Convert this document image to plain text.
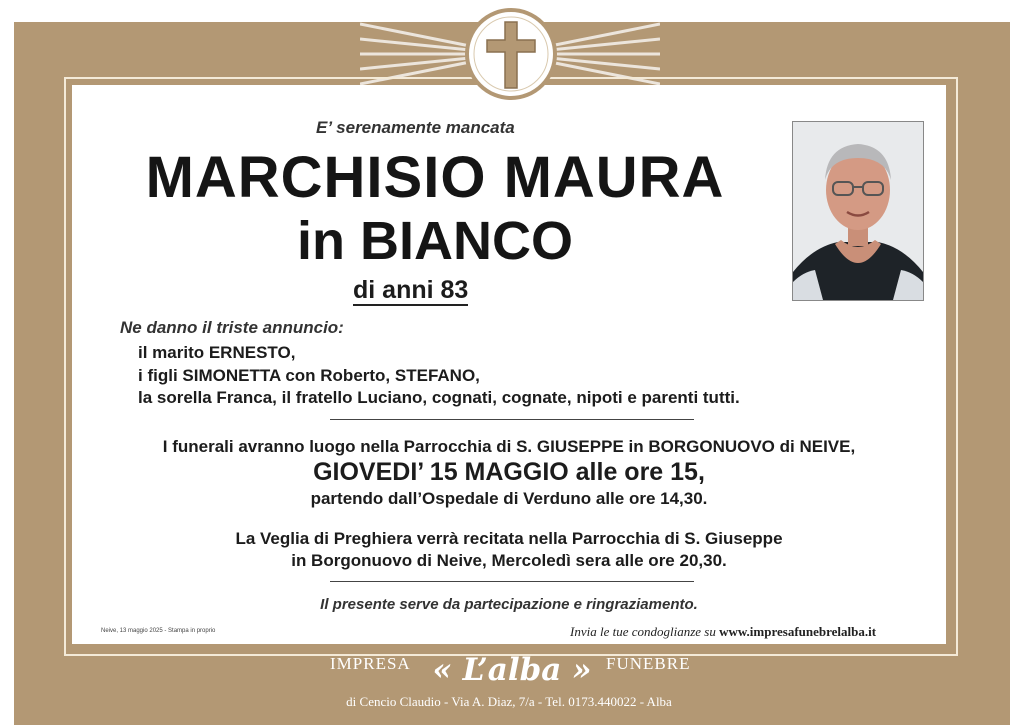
E’ serenamente mancata
MARCHISIO MAURA
in BIANCO
di anni 83
Ne danno il triste annuncio:
il marito ERNESTO,
i figli SIMONETTA con Roberto, STEFANO,
la sorella Franca, il fratello Luciano, cognati, cognate, nipoti e parenti tutti.
I funerali avranno luogo nella Parrocchia di S. GIUSEPPE in BORGONUOVO di NEIVE,
GIOVEDI’ 15 MAGGIO alle ore 15,
partendo dall’Ospedale di Verduno alle ore 14,30.
La Veglia di Preghiera verrà recitata nella Parrocchia di S. Giuseppe
in Borgonuovo di Neive, Mercoledì sera alle ore 20,30.
Il presente serve da partecipazione e ringraziamento.
Neive, 13 maggio 2025 - Stampa in proprio	Invia le tue condoglianze su www.impresafunebrelalba.it
IMPRESA « L’alba » FUNEBRE
di Cencio Claudio - Via A. Diaz, 7/a - Tel. 0173.440022 - Alba
